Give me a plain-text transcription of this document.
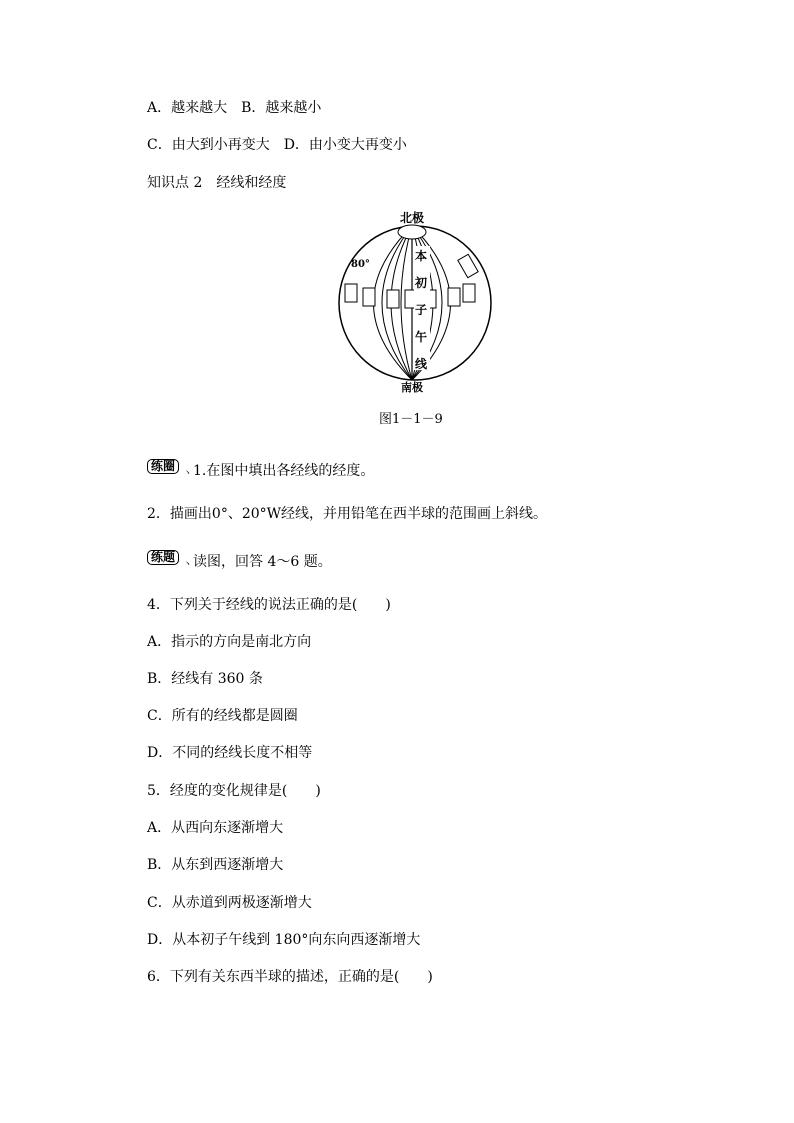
A．越来越大　B．越来越小
C．由大到小再变大　D．由小变大再变小
知识点 2　经线和经度
北极
80°
本
初
子
午
线
南极
图1－1－9
练圈
丶 1.在图中填出各经线的经度。
2．描画出0°、20°W经线，并用铅笔在西半球的范围画上斜线。
练题
丶 读图，回答 4～6 题。
4．下列关于经线的说法正确的是(　　)
A．指示的方向是南北方向
B．经线有 360 条
C．所有的经线都是圆圈
D．不同的经线长度不相等
5．经度的变化规律是(　　)
A．从西向东逐渐增大
B．从东到西逐渐增大
C．从赤道到两极逐渐增大
D．从本初子午线到 180°向东向西逐渐增大
6．下列有关东西半球的描述，正确的是(　　)
